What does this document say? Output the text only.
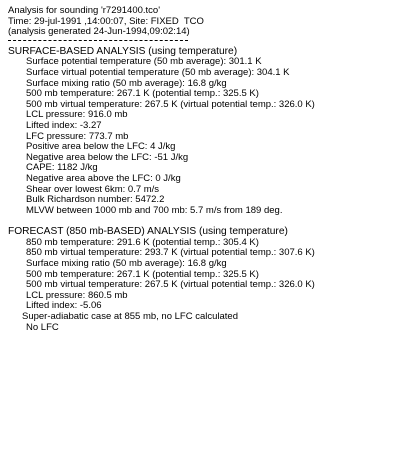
Analysis for sounding 'r7291400.tco'
Time: 29-jul-1991 ,14:00:07, Site: FIXED  TCO
(analysis generated 24-Jun-1994,09:02:14)
SURFACE-BASED ANALYSIS (using temperature)
Surface potential temperature (50 mb average): 301.1 K
Surface virtual potential temperature (50 mb average): 304.1 K
Surface mixing ratio (50 mb average): 16.8 g/kg
500 mb temperature: 267.1 K (potential temp.: 325.5 K)
500 mb virtual temperature: 267.5 K (virtual potential temp.: 326.0 K)
LCL pressure: 916.0 mb
Lifted index: -3.27
LFC pressure: 773.7 mb
Positive area below the LFC: 4 J/kg
Negative area below the LFC: -51 J/kg
CAPE: 1182 J/kg
Negative area above the LFC: 0 J/kg
Shear over lowest 6km: 0.7 m/s
Bulk Richardson number: 5472.2
MLVW between 1000 mb and 700 mb: 5.7 m/s from 189 deg.
FORECAST (850 mb-BASED) ANALYSIS (using temperature)
850 mb temperature: 291.6 K (potential temp.: 305.4 K)
850 mb virtual temperature: 293.7 K (virtual potential temp.: 307.6 K)
Surface mixing ratio (50 mb average): 16.8 g/kg
500 mb temperature: 267.1 K (potential temp.: 325.5 K)
500 mb virtual temperature: 267.5 K (virtual potential temp.: 326.0 K)
LCL pressure: 860.5 mb
Lifted index: -5.06
Super-adiabatic case at 855 mb, no LFC calculated
No LFC
